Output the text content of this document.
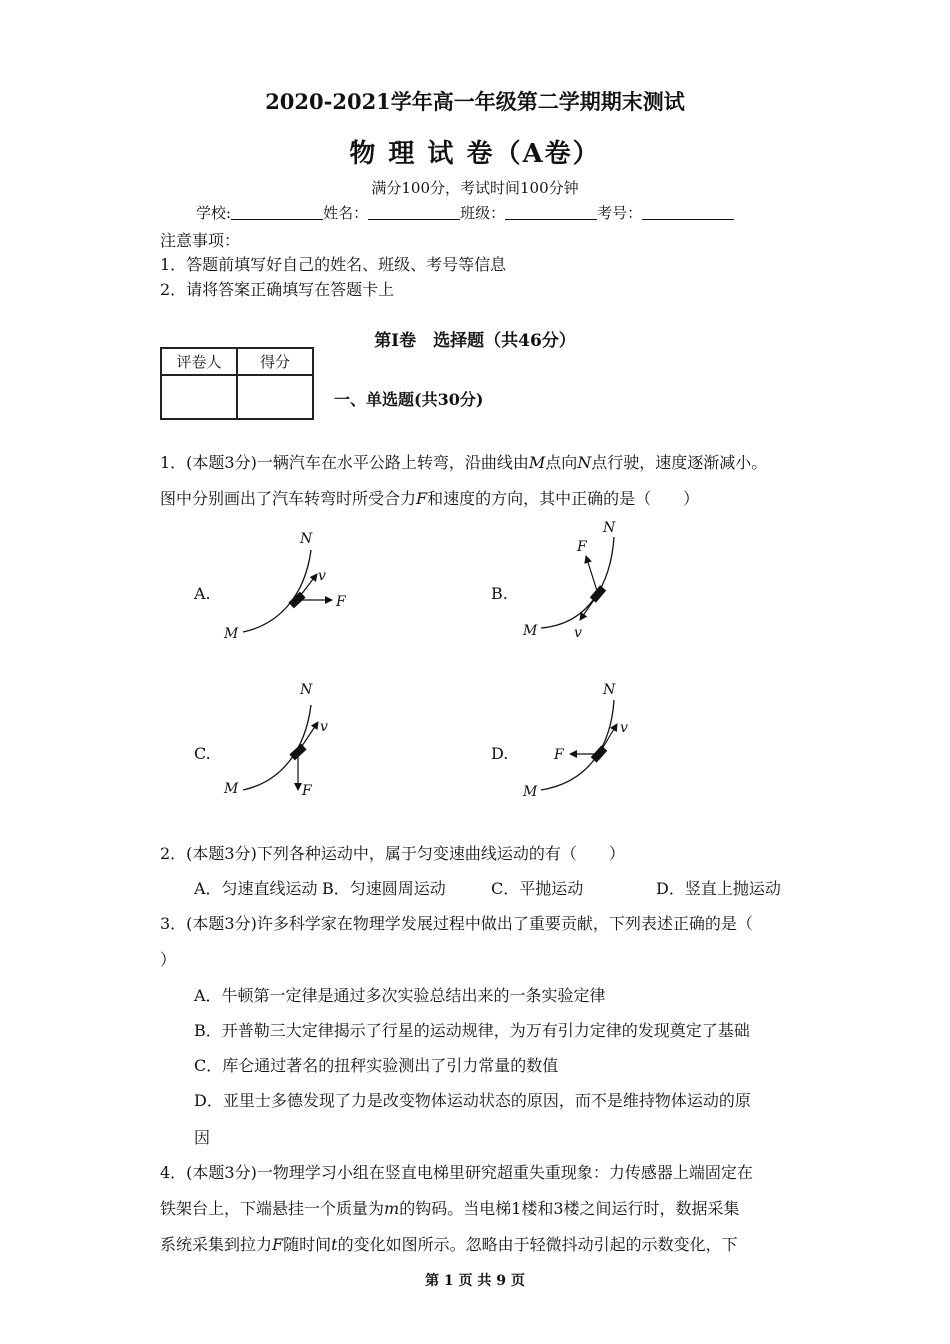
2020-2021学年高一年级第二学期期末测试
物 理 试 卷（A卷）
满分100分，考试时间100分钟
学校:	姓名：	班级：	考号：
注意事项：
1．答题前填写好自己的姓名、班级、考号等信息
2．请将答案正确填写在答题卡上
第I卷　选择题（共46分）
评卷人	得分

一、单选题(共30分)
1．(本题3分)一辆汽车在水平公路上转弯，沿曲线由M点向N点行驶，速度逐渐减小。
图中分别画出了汽车转弯时所受合力F和速度的方向，其中正确的是（　　）
A.	B.
C.	D.
M
N
F
v
M
N
F
v
M
N
F
v
M
N
F
v
2．(本题3分)下列各种运动中，属于匀变速曲线运动的有（　　）
A．匀速直线运动 B．匀速圆周运动	C．平抛运动	D．竖直上抛运动
3．(本题3分)许多科学家在物理学发展过程中做出了重要贡献，下列表述正确的是（
）
A．牛顿第一定律是通过多次实验总结出来的一条实验定律
B．开普勒三大定律揭示了行星的运动规律，为万有引力定律的发现奠定了基础
C．库仑通过著名的扭秤实验测出了引力常量的数值
D．亚里士多德发现了力是改变物体运动状态的原因，而不是维持物体运动的原
因
4．(本题3分)一物理学习小组在竖直电梯里研究超重失重现象：力传感器上端固定在
铁架台上，下端悬挂一个质量为m的钩码。当电梯1楼和3楼之间运行时，数据采集
系统采集到拉力F随时间t的变化如图所示。忽略由于轻微抖动引起的示数变化，下
第 1 页 共 9 页
